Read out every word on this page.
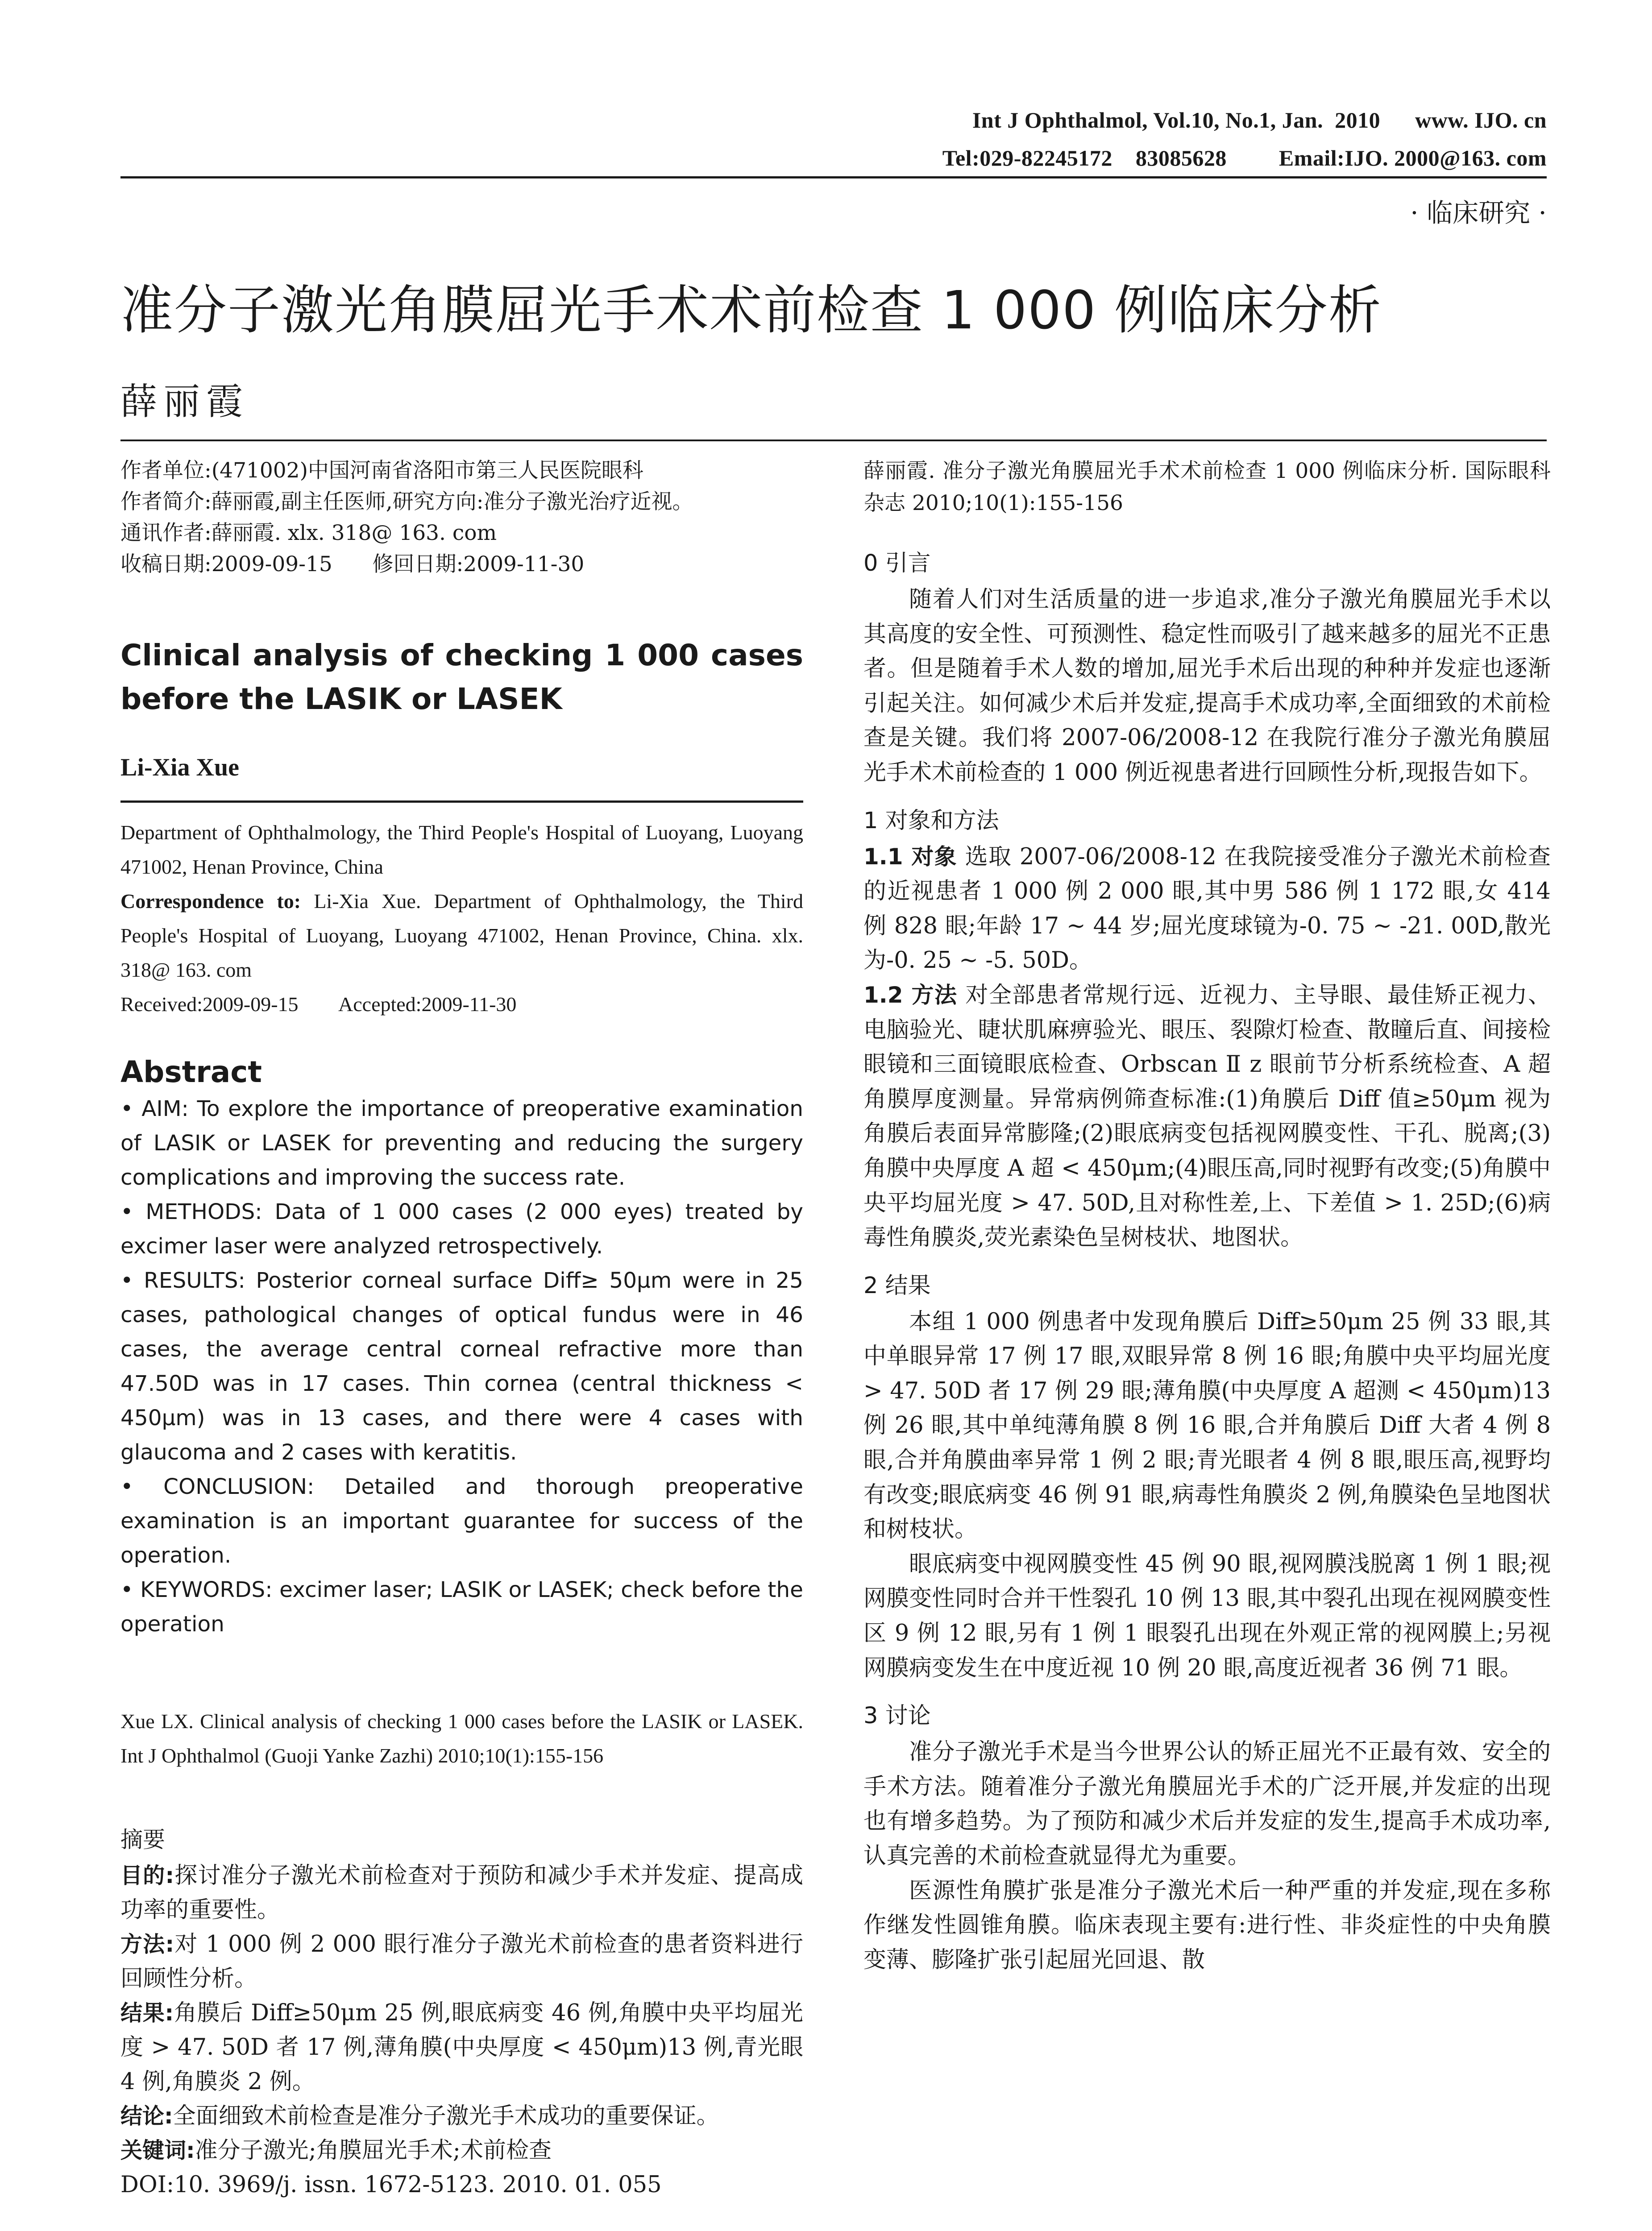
Int J Ophthalmol, Vol.10, No.1, Jan.  2010      www. IJO. cn
Tel:029-82245172    83085628         Email:IJO. 2000@163. com
· 临床研究 ·
准分子激光角膜屈光手术术前检查 1 000 例临床分析
薛丽霞

作者单位:(471002)中国河南省洛阳市第三人民医院眼科

作者简介:薛丽霞,副主任医师,研究方向:准分子激光治疗近视。

通讯作者:薛丽霞. xlx. 318@ 163. com

收稿日期:2009-09-15      修回日期:2009-11-30

Clinical analysis of checking 1 000 cases before the LASIK or LASEK

Li-Xia Xue

Department of Ophthalmology, the Third People's Hospital of Luoyang, Luoyang 471002, Henan Province, China

Correspondence to: Li-Xia Xue. Department of Ophthalmology, the Third People's Hospital of Luoyang, Luoyang 471002, Henan Province, China. xlx. 318@ 163. com

Received:2009-09-15        Accepted:2009-11-30

Abstract

• AIM: To explore the importance of preoperative examination of LASIK or LASEK for preventing and reducing the surgery complications and improving the success rate.

• METHODS: Data of 1 000 cases (2 000 eyes) treated by excimer laser were analyzed retrospectively.

• RESULTS: Posterior corneal surface Diff≥ 50μm were in 25 cases, pathological changes of optical fundus were in 46 cases, the average central corneal refractive more than 47.50D was in 17 cases. Thin cornea (central thickness < 450μm) was in 13 cases, and there were 4 cases with glaucoma and 2 cases with keratitis.

• CONCLUSION: Detailed and thorough preoperative examination is an important guarantee for success of the operation.

• KEYWORDS: excimer laser; LASIK or LASEK; check before the operation

Xue LX. Clinical analysis of checking 1 000 cases before the LASIK or LASEK. Int J Ophthalmol (Guoji Yanke Zazhi) 2010;10(1):155-156

摘要

目的:探讨准分子激光术前检查对于预防和减少手术并发症、提高成功率的重要性。

方法:对 1 000 例 2 000 眼行准分子激光术前检查的患者资料进行回顾性分析。

结果:角膜后 Diff≥50μm 25 例,眼底病变 46 例,角膜中央平均屈光度 > 47. 50D 者 17 例,薄角膜(中央厚度 < 450μm)13 例,青光眼 4 例,角膜炎 2 例。

结论:全面细致术前检查是准分子激光手术成功的重要保证。

关键词:准分子激光;角膜屈光手术;术前检查

DOI:10. 3969/j. issn. 1672-5123. 2010. 01. 055

薛丽霞. 准分子激光角膜屈光手术术前检查 1 000 例临床分析. 国际眼科杂志 2010;10(1):155-156

0 引言

随着人们对生活质量的进一步追求,准分子激光角膜屈光手术以其高度的安全性、可预测性、稳定性而吸引了越来越多的屈光不正患者。但是随着手术人数的增加,屈光手术后出现的种种并发症也逐渐引起关注。如何减少术后并发症,提高手术成功率,全面细致的术前检查是关键。我们将 2007-06/2008-12 在我院行准分子激光角膜屈光手术术前检查的 1 000 例近视患者进行回顾性分析,现报告如下。

1 对象和方法

1.1 对象 选取 2007-06/2008-12 在我院接受准分子激光术前检查的近视患者 1 000 例 2 000 眼,其中男 586 例 1 172 眼,女 414 例 828 眼;年龄 17 ~ 44 岁;屈光度球镜为-0. 75 ~ -21. 00D,散光为-0. 25 ~ -5. 50D。

1.2 方法 对全部患者常规行远、近视力、主导眼、最佳矫正视力、电脑验光、睫状肌麻痹验光、眼压、裂隙灯检查、散瞳后直、间接检眼镜和三面镜眼底检查、Orbscan Ⅱ z 眼前节分析系统检查、A 超角膜厚度测量。异常病例筛查标准:(1)角膜后 Diff 值≥50μm 视为角膜后表面异常膨隆;(2)眼底病变包括视网膜变性、干孔、脱离;(3)角膜中央厚度 A 超 < 450μm;(4)眼压高,同时视野有改变;(5)角膜中央平均屈光度 > 47. 50D,且对称性差,上、下差值 > 1. 25D;(6)病毒性角膜炎,荧光素染色呈树枝状、地图状。

2 结果

本组 1 000 例患者中发现角膜后 Diff≥50μm 25 例 33 眼,其中单眼异常 17 例 17 眼,双眼异常 8 例 16 眼;角膜中央平均屈光度 > 47. 50D 者 17 例 29 眼;薄角膜(中央厚度 A 超测 < 450μm)13 例 26 眼,其中单纯薄角膜 8 例 16 眼,合并角膜后 Diff 大者 4 例 8 眼,合并角膜曲率异常 1 例 2 眼;青光眼者 4 例 8 眼,眼压高,视野均有改变;眼底病变 46 例 91 眼,病毒性角膜炎 2 例,角膜染色呈地图状和树枝状。

眼底病变中视网膜变性 45 例 90 眼,视网膜浅脱离 1 例 1 眼;视网膜变性同时合并干性裂孔 10 例 13 眼,其中裂孔出现在视网膜变性区 9 例 12 眼,另有 1 例 1 眼裂孔出现在外观正常的视网膜上;另视网膜病变发生在中度近视 10 例 20 眼,高度近视者 36 例 71 眼。

3 讨论

准分子激光手术是当今世界公认的矫正屈光不正最有效、安全的手术方法。随着准分子激光角膜屈光手术的广泛开展,并发症的出现也有增多趋势。为了预防和减少术后并发症的发生,提高手术成功率,认真完善的术前检查就显得尤为重要。

医源性角膜扩张是准分子激光术后一种严重的并发症,现在多称作继发性圆锥角膜。临床表现主要有:进行性、非炎症性的中央角膜变薄、膨隆扩张引起屈光回退、散
